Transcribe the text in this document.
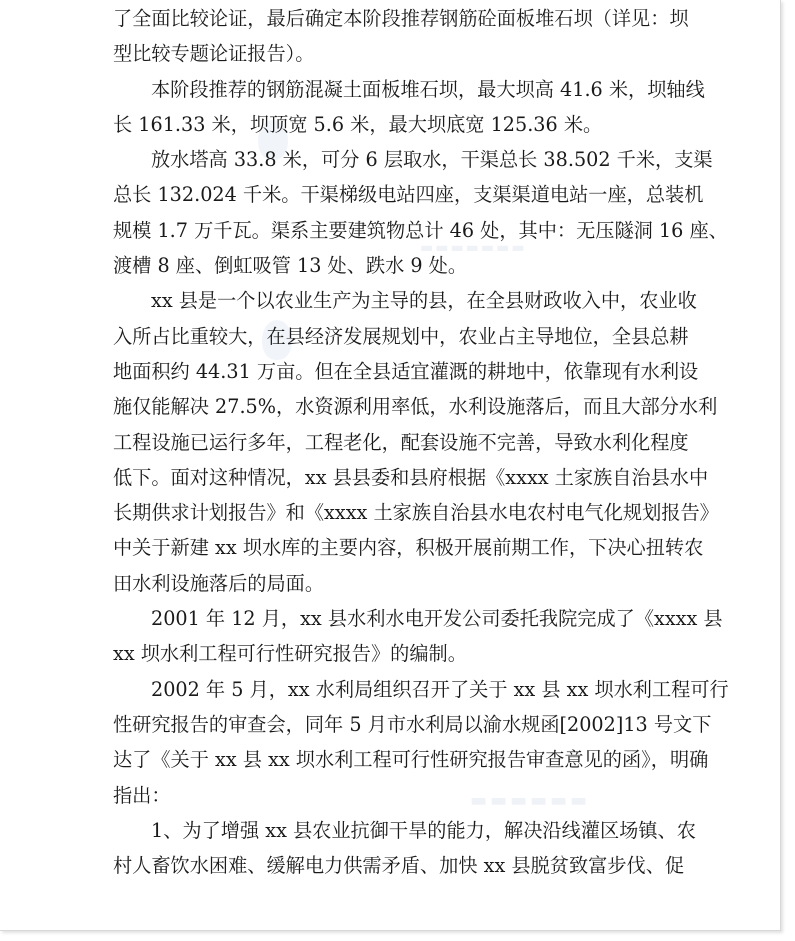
▬▬▬▬▬▬▬
▬▬▬▬▬▬
了全面比较论证，最后确定本阶段推荐钢筋砼面板堆石坝（详见：坝
型比较专题论证报告）。
本阶段推荐的钢筋混凝土面板堆石坝，最大坝高 41.6 米，坝轴线
长 161.33 米，坝顶宽 5.6 米，最大坝底宽 125.36 米。
放水塔高 33.8 米，可分 6 层取水，干渠总长 38.502 千米，支渠
总长 132.024 千米。干渠梯级电站四座，支渠渠道电站一座，总装机
规模 1.7 万千瓦。渠系主要建筑物总计 46 处，其中：无压隧洞 16 座、
渡槽 8 座、倒虹吸管 13 处、跌水 9 处。
xx 县是一个以农业生产为主导的县，在全县财政收入中，农业收
入所占比重较大，在县经济发展规划中，农业占主导地位，全县总耕
地面积约 44.31 万亩。但在全县适宜灌溉的耕地中，依靠现有水利设
施仅能解决 27.5%，水资源利用率低，水利设施落后，而且大部分水利
工程设施已运行多年，工程老化，配套设施不完善，导致水利化程度
低下。面对这种情况，xx 县县委和县府根据《xxxx 土家族自治县水中
长期供求计划报告》和《xxxx 土家族自治县水电农村电气化规划报告》
中关于新建 xx 坝水库的主要内容，积极开展前期工作，下决心扭转农
田水利设施落后的局面。
2001 年 12 月，xx 县水利水电开发公司委托我院完成了《xxxx 县
xx 坝水利工程可行性研究报告》的编制。
2002 年 5 月，xx 水利局组织召开了关于 xx 县 xx 坝水利工程可行
性研究报告的审查会，同年 5 月市水利局以渝水规函[2002]13 号文下
达了《关于 xx 县 xx 坝水利工程可行性研究报告审查意见的函》，明确
指出：
1、为了增强 xx 县农业抗御干旱的能力，解决沿线灌区场镇、农
村人畜饮水困难、缓解电力供需矛盾、加快 xx 县脱贫致富步伐、促
